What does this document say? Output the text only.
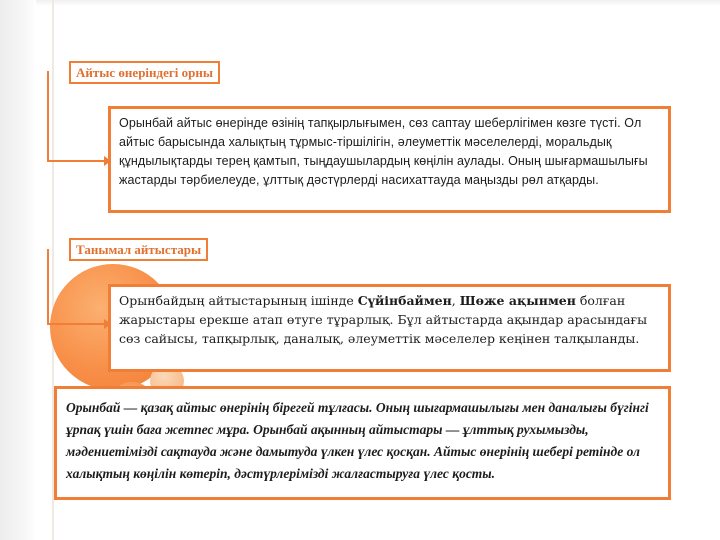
Айтыс өнеріндегі орны

Орынбай айтыс өнерінде өзінің тапқырлығымен, сөз саптау шеберлігімен көзге түсті. Ол айтыс барысында халықтың тұрмыс-тіршілігін, әлеуметтік мәселелерді, моральдық құндылықтарды терең қамтып, тыңдаушылардың көңілін аулады. Оның шығармашылығы жастарды тәрбиелеуде, ұлттық дәстүрлерді насихаттауда маңызды рөл атқарды.

Танымал айтыстары

Орынбайдың айтыстарының ішінде Сүйінбаймен, Шөже ақынмен болған жарыстары ерекше атап өтуге тұрарлық. Бұл айтыстарда ақындар арасындағы сөз сайысы, тапқырлық, даналық, әлеуметтік мәселелер кеңінен талқыланды.

Орынбай — қазақ айтыс өнерінің бірегей тұлғасы. Оның шығармашылығы мен даналығы бүгінгі ұрпақ үшін баға жетпес мұра. Орынбай ақынның айтыстары — ұлттық рухымызды, мәдениетімізді сақтауда және дамытуда үлкен үлес қосқан. Айтыс өнерінің шебері ретінде ол халықтың көңілін көтеріп, дәстүрлерімізді жалғастыруға үлес қосты.
